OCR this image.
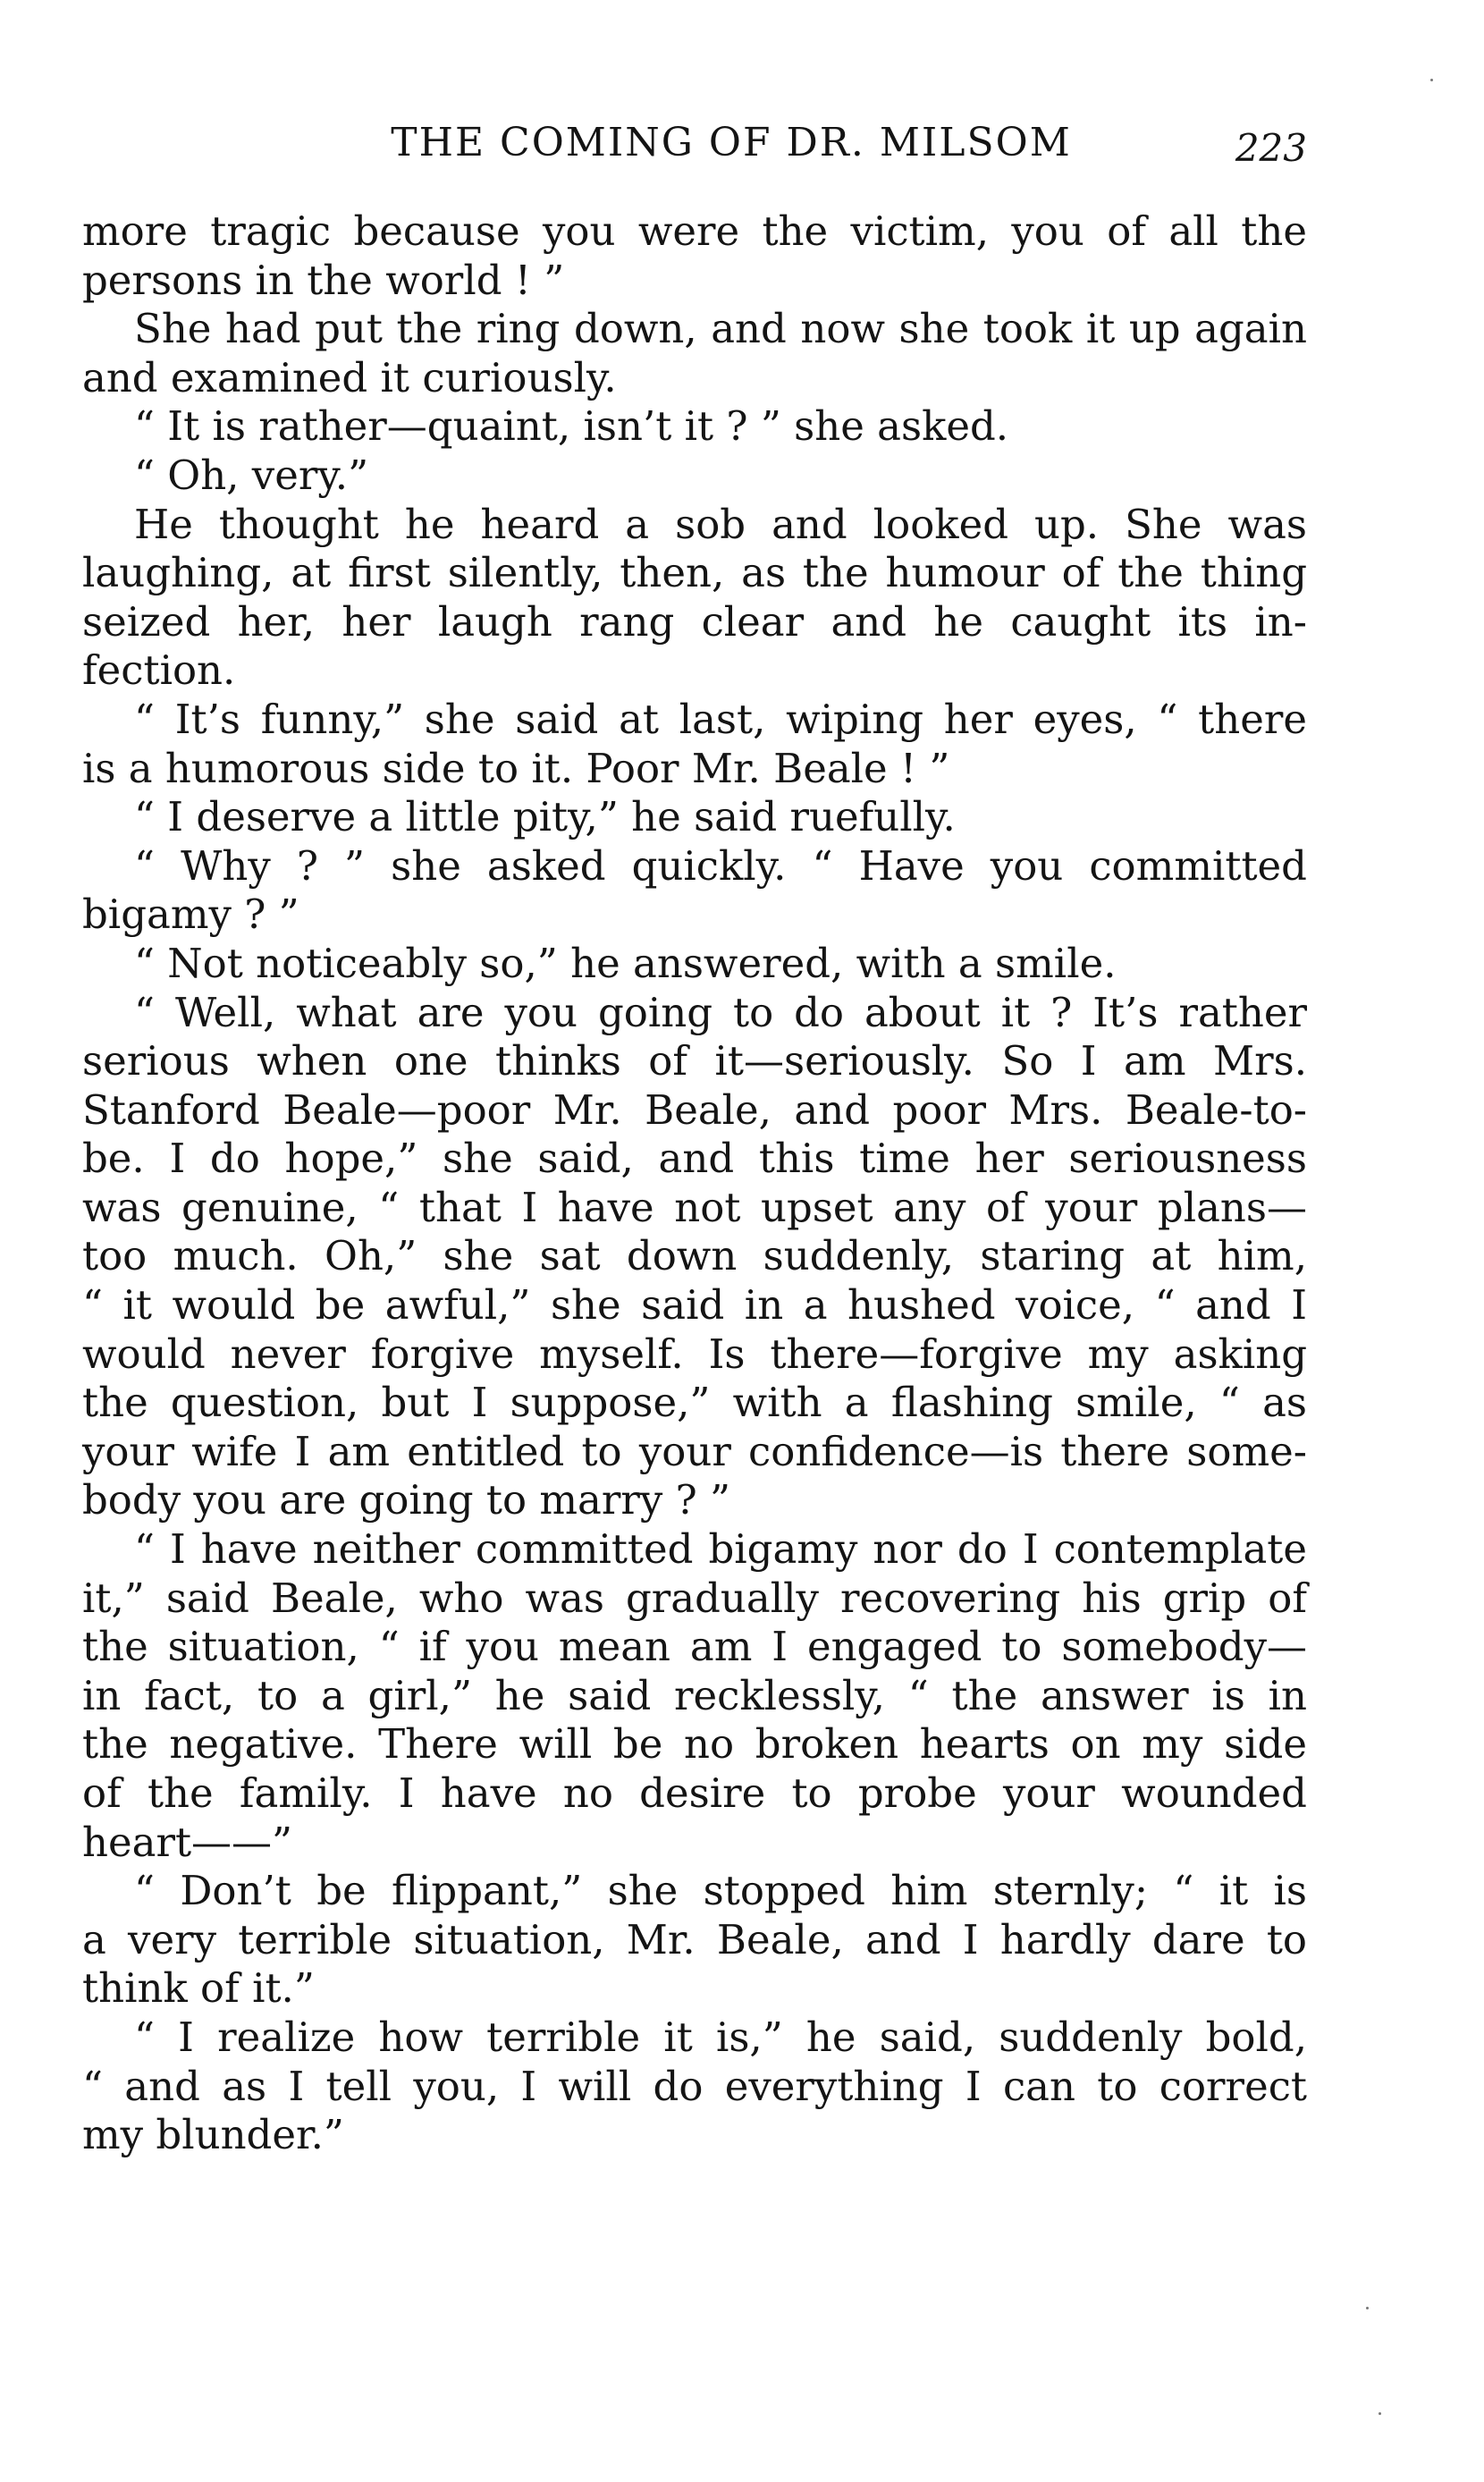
THE COMING OF DR. MILSOM	223
more tragic because you were the victim, you of all the
persons in the world ! ”
She had put the ring down, and now she took it up again
and examined it curiously.
“ It is rather—quaint, isn’t it ? ” she asked.
“ Oh, very.”
He thought he heard a sob and looked up. She was
laughing, at first silently, then, as the humour of the thing
seized her, her laugh rang clear and he caught its in-
fection.
“ It’s funny,” she said at last, wiping her eyes, “ there
is a humorous side to it. Poor Mr. Beale ! ”
“ I deserve a little pity,” he said ruefully.
“ Why ? ” she asked quickly. “ Have you committed
bigamy ? ”
“ Not noticeably so,” he answered, with a smile.
“ Well, what are you going to do about it ? It’s rather
serious when one thinks of it—seriously. So I am Mrs.
Stanford Beale—poor Mr. Beale, and poor Mrs. Beale-to-
be. I do hope,” she said, and this time her seriousness
was genuine, “ that I have not upset any of your plans—
too much. Oh,” she sat down suddenly, staring at him,
“ it would be awful,” she said in a hushed voice, “ and I
would never forgive myself. Is there—forgive my asking
the question, but I suppose,” with a flashing smile, “ as
your wife I am entitled to your confidence—is there some-
body you are going to marry ? ”
“ I have neither committed bigamy nor do I contemplate
it,” said Beale, who was gradually recovering his grip of
the situation, “ if you mean am I engaged to somebody—
in fact, to a girl,” he said recklessly, “ the answer is in
the negative. There will be no broken hearts on my side
of the family. I have no desire to probe your wounded
heart——”
“ Don’t be flippant,” she stopped him sternly; “ it is
a very terrible situation, Mr. Beale, and I hardly dare to
think of it.”
“ I realize how terrible it is,” he said, suddenly bold,
“ and as I tell you, I will do everything I can to correct
my blunder.”
